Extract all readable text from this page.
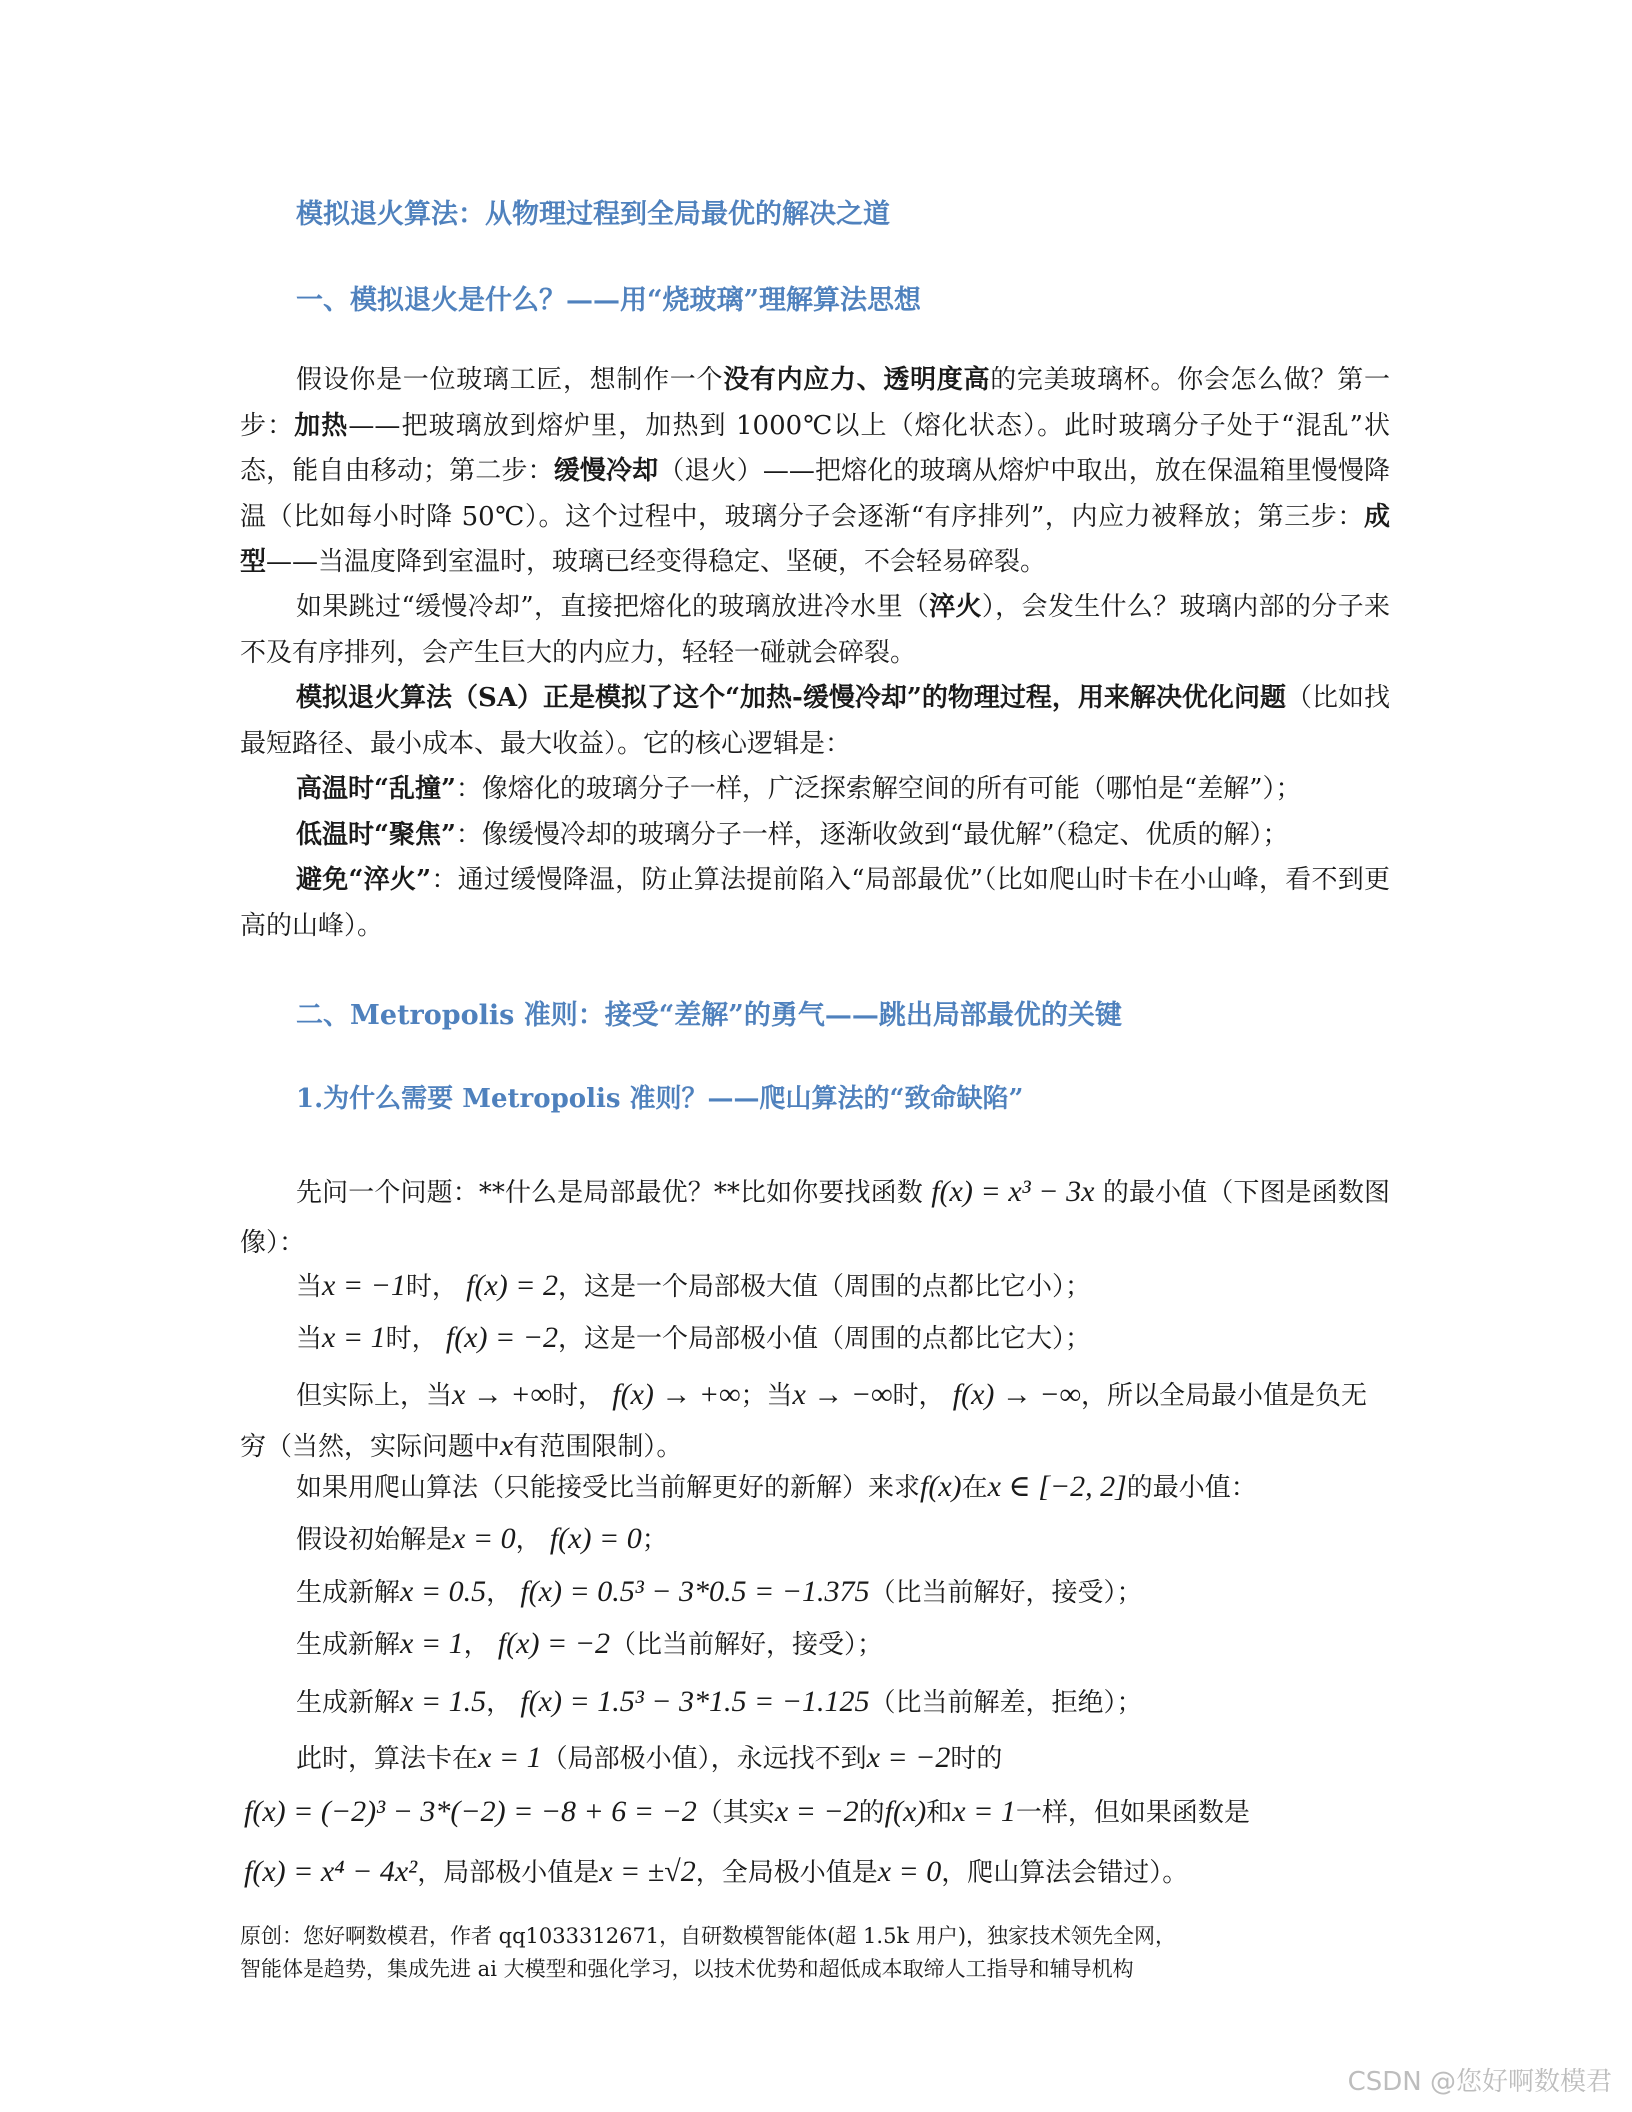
模拟退火算法：从物理过程到全局最优的解决之道
一、模拟退火是什么？——用“烧玻璃”理解算法思想
假设你是一位玻璃工匠，想制作一个没有内应力、透明度高的完美玻璃杯。你会怎么做？第一步：加热——把玻璃放到熔炉里，加热到 1000℃以上（熔化状态）。此时玻璃分子处于“混乱”状态，能自由移动；第二步：缓慢冷却（退火）——把熔化的玻璃从熔炉中取出，放在保温箱里慢慢降温（比如每小时降 50℃）。这个过程中，玻璃分子会逐渐“有序排列”，内应力被释放；第三步：成型——当温度降到室温时，玻璃已经变得稳定、坚硬，不会轻易碎裂。
如果跳过“缓慢冷却”，直接把熔化的玻璃放进冷水里（淬火），会发生什么？玻璃内部的分子来不及有序排列，会产生巨大的内应力，轻轻一碰就会碎裂。
模拟退火算法（SA）正是模拟了这个“加热-缓慢冷却”的物理过程，用来解决优化问题（比如找最短路径、最小成本、最大收益）。它的核心逻辑是：
高温时“乱撞”：像熔化的玻璃分子一样，广泛探索解空间的所有可能（哪怕是“差解”）；
低温时“聚焦”：像缓慢冷却的玻璃分子一样，逐渐收敛到“最优解”（稳定、优质的解）；
避免“淬火”：通过缓慢降温，防止算法提前陷入“局部最优”（比如爬山时卡在小山峰，看不到更高的山峰）。
二、Metropolis 准则：接受“差解”的勇气——跳出局部最优的关键
1.为什么需要 Metropolis 准则？——爬山算法的“致命缺陷”
先问一个问题：**什么是局部最优？**比如你要找函数 f(x) = x³ − 3x 的最小值（下图是函数图像）：
当x = −1时， f(x) = 2，这是一个局部极大值（周围的点都比它小）；
当x = 1时， f(x) = −2，这是一个局部极小值（周围的点都比它大）；
但实际上，当x → +∞时， f(x) → +∞；当x → −∞时， f(x) → −∞，所以全局最小值是负无穷（当然，实际问题中x有范围限制）。
如果用爬山算法（只能接受比当前解更好的新解）来求f(x)在x ∈ [−2, 2]的最小值：
假设初始解是x = 0， f(x) = 0；
生成新解x = 0.5， f(x) = 0.5³ − 3*0.5 = −1.375（比当前解好，接受）；
生成新解x = 1， f(x) = −2（比当前解好，接受）；
生成新解x = 1.5， f(x) = 1.5³ − 3*1.5 = −1.125（比当前解差，拒绝）；
此时，算法卡在x = 1（局部极小值），永远找不到x = −2时的
f(x) = (−2)³ − 3*(−2) = −8 + 6 = −2（其实x = −2的f(x)和x = 1一样，但如果函数是
f(x) = x⁴ − 4x²，局部极小值是x = ±√2，全局极小值是x = 0，爬山算法会错过）。
原创：您好啊数模君，作者 qq1033312671，自研数模智能体(超 1.5k 用户)，独家技术领先全网，
智能体是趋势，集成先进 ai 大模型和强化学习，以技术优势和超低成本取缔人工指导和辅导机构
CSDN @您好啊数模君
